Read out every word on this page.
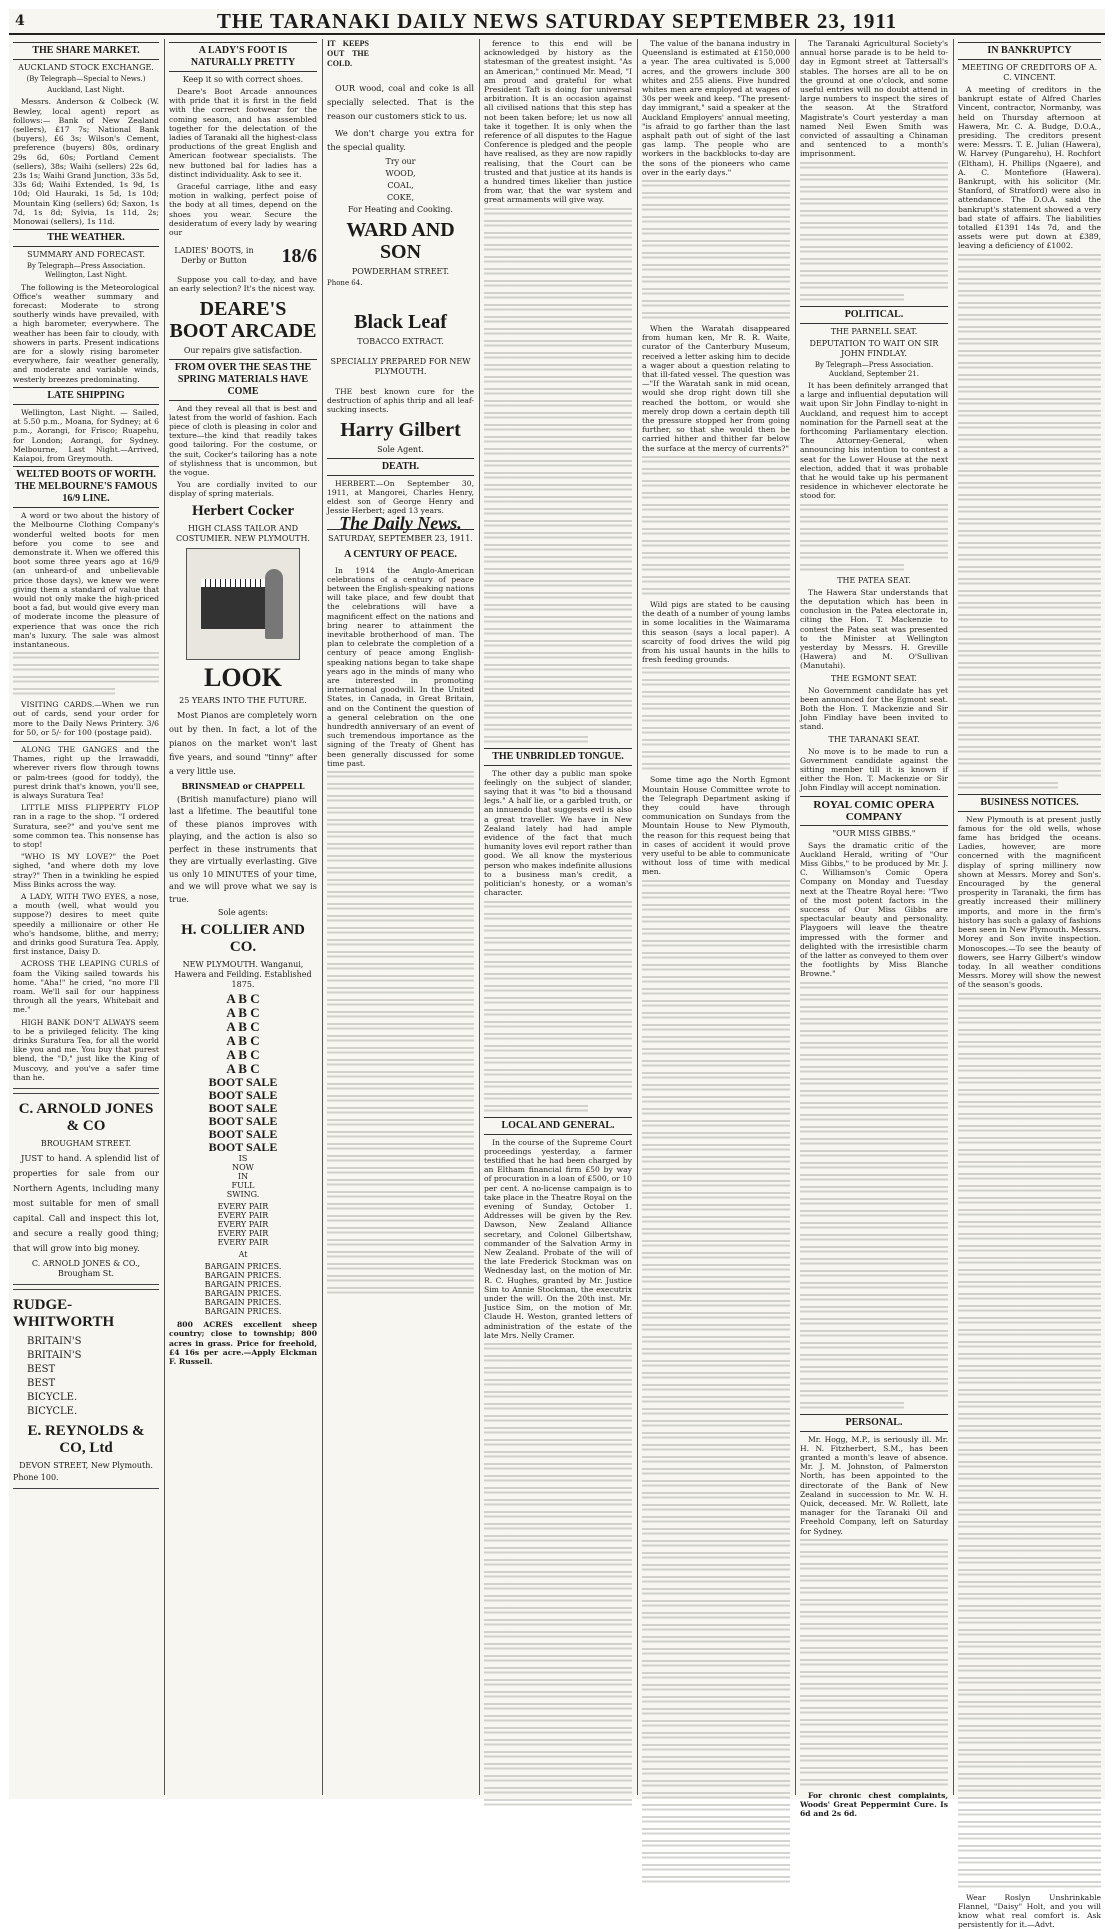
4	THE TARANAKI DAILY NEWS SATURDAY SEPTEMBER 23, 1911
THE SHARE MARKET.
AUCKLAND STOCK EXCHANGE.
(By Telegraph—Special to News.)
Auckland, Last Night.

Messrs. Anderson & Colbeck (W. Bewley, local agent) report as follows:— Bank of New Zealand (sellers), £17 7s; National Bank (buyers), £6 3s; Wilson's Cement, preference (buyers) 80s, ordinary 29s 6d, 60s; Portland Cement (sellers), 38s; Waihi (sellers) 22s 6d, 23s 1s; Waihi Grand Junction, 33s 5d, 33s 6d; Waihi Extended, 1s 9d, 1s 10d; Old Hauraki, 1s 5d, 1s 10d; Mountain King (sellers) 6d; Saxon, 1s 7d, 1s 8d; Sylvia, 1s 11d, 2s; Monowai (sellers), 1s 11d.

THE WEATHER.
SUMMARY AND FORECAST.
By Telegraph—Press Association. Wellington, Last Night.

The following is the Meteorological Office's weather summary and forecast: Moderate to strong southerly winds have prevailed, with a high barometer, everywhere. The weather has been fair to cloudy, with showers in parts. Present indications are for a slowly rising barometer everywhere, fair weather generally, and moderate and variable winds, westerly breezes predominating.

LATE SHIPPING

Wellington, Last Night. — Sailed, at 5.50 p.m., Moana, for Sydney; at 6 p.m., Aorangi, for Frisco; Ruapehu, for London; Aorangi, for Sydney. Melbourne, Last Night.—Arrived, Kaiapoi, from Greymouth.

WELTED BOOTS OF WORTH. THE MELBOURNE'S FAMOUS 16/9 LINE.

A word or two about the history of the Melbourne Clothing Company's wonderful welted boots for men before you come to see and demonstrate it. When we offered this boot some three years ago at 16/9 (an unheard-of and unbelievable price those days), we knew we were giving them a standard of value that would not only make the high-priced boot a fad, but would give every man of moderate income the pleasure of experience that was once the rich man's luxury. The sale was almost instantaneous.

VISITING CARDS.—When we run out of cards, send your order for more to the Daily News Printery. 3/6 for 50, or 5/- for 100 (postage paid).

ALONG THE GANGES and the Thames, right up the Irrawaddi, wherever rivers flow through towns or palm-trees (good for toddy), the purest drink that's known, you'll see, is always Suratura Tea!

LITTLE MISS FLIPPERTY FLOP ran in a rage to the shop. "I ordered Suratura, see?" and you've sent me some common tea. This nonsense has to stop!

"WHO IS MY LOVE?" the Poet sighed, "and where doth my love stray?" Then in a twinkling he espied Miss Binks across the way.

A LADY, WITH TWO EYES, a nose, a mouth (well, what would you suppose?) desires to meet quite speedily a millionaire or other He who's handsome, blithe, and merry; and drinks good Suratura Tea. Apply, first instance, Daisy D.

ACROSS THE LEAPING CURLS of foam the Viking sailed towards his home. "Aha!" he cried, "no more I'll roam. We'll sail for our happiness through all the years, Whitebait and me."

HIGH BANK DON'T ALWAYS seem to be a privileged felicity. The king drinks Suratura Tea, for all the world like you and me. You buy that purest blend, the "D," just like the King of Muscovy, and you've a safer time than he.

C. ARNOLD JONES & CO
BROUGHAM STREET.

JUST to hand. A splendid list of properties for sale from our Northern Agents, including many most suitable for men of small capital. Call and inspect this lot, and secure a really good thing; that will grow into big money.

C. ARNOLD JONES & CO., Brougham St.
RUDGE-WHITWORTH
BRITAIN'S
BRITAIN'S
BEST
BEST
BICYCLE.
BICYCLE.
E. REYNOLDS & CO, Ltd
DEVON STREET, New Plymouth.
Phone 100.
A LADY'S FOOT IS NATURALLY PRETTY
Keep it so with correct shoes.

Deare's Boot Arcade announces with pride that it is first in the field with the correct footwear for the coming season, and has assembled together for the delectation of the ladies of Taranaki all the highest-class productions of the great English and American footwear specialists. The new buttoned bal for ladies has a distinct individuality. Ask to see it.

Graceful carriage, lithe and easy motion in walking, perfect poise of the body at all times, depend on the shoes you wear. Secure the desideratum of every lady by wearing our

LADIES' BOOTS, in Derby or Button	18/6

Suppose you call to-day, and have an early selection? It's the nicest way.

DEARE'S BOOT ARCADE
Our repairs give satisfaction.
FROM OVER THE SEAS THE SPRING MATERIALS HAVE COME

And they reveal all that is best and latest from the world of fashion. Each piece of cloth is pleasing in color and texture—the kind that readily takes good tailoring. For the costume, or the suit, Cocker's tailoring has a note of stylishness that is uncommon, but the vogue.

You are cordially invited to our display of spring materials.

Herbert Cocker
HIGH CLASS TAILOR AND COSTUMIER. NEW PLYMOUTH.
LOOK
25 YEARS INTO THE FUTURE.

Most Pianos are completely worn out by then. In fact, a lot of the pianos on the market won't last five years, and sound "tinny" after a very little use.

BRINSMEAD or CHAPPELL

(British manufacture) piano will last a lifetime. The beautiful tone of these pianos improves with playing, and the action is also so perfect in these instruments that they are virtually everlasting. Give us only 10 MINUTES of your time, and we will prove what we say is true.

Sole agents:
H. COLLIER AND CO.
NEW PLYMOUTH. Wanganui, Hawera and Feilding. Established 1875.
A B C
A B C
A B C
A B C
A B C
A B C
BOOT SALE
BOOT SALE
BOOT SALE
BOOT SALE
BOOT SALE
BOOT SALE
IS
NOW
IN
FULL
SWING.
EVERY PAIR
EVERY PAIR
EVERY PAIR
EVERY PAIR
EVERY PAIR
At
BARGAIN PRICES.
BARGAIN PRICES.
BARGAIN PRICES.
BARGAIN PRICES.
BARGAIN PRICES.
BARGAIN PRICES.

800 ACRES excellent sheep country; close to township; 800 acres in grass. Price for freehold, £4 16s per acre.—Apply Elckman F. Russell.

IT KEEPS OUT THE COLD.

OUR wood, coal and coke is all specially selected. That is the reason our customers stick to us.

We don't charge you extra for the special quality.

Try our
WOOD,
COAL,
COKE,
For Heating and Cooking.
WARD AND SON
POWDERHAM STREET.
Phone 64.
Black Leaf
TOBACCO EXTRACT.
SPECIALLY PREPARED FOR NEW PLYMOUTH.

THE best known cure for the destruction of aphis thrip and all leaf-sucking insects.

Harry Gilbert
Sole Agent.
DEATH.

HERBERT.—On September 30, 1911, at Mangorei, Charles Henry, eldest son of George Henry and Jessie Herbert; aged 13 years.

The Daily News.
SATURDAY, SEPTEMBER 23, 1911.
A CENTURY OF PEACE.

In 1914 the Anglo-American celebrations of a century of peace between the English-speaking nations will take place, and few doubt that the celebrations will have a magnificent effect on the nations and bring nearer to attainment the inevitable brotherhood of man. The plan to celebrate the completion of a century of peace among English-speaking nations began to take shape years ago in the minds of many who are interested in promoting international goodwill. In the United States, in Canada, in Great Britain, and on the Continent the question of a general celebration on the one hundredth anniversary of an event of such tremendous importance as the signing of the Treaty of Ghent has been generally discussed for some time past.

ference to this end will be acknowledged by history as the statesman of the greatest insight. "As an American," continued Mr. Mead, "I am proud and grateful for what President Taft is doing for universal arbitration. It is an occasion against all civilised nations that this step has not been taken before; let us now all take it together. It is only when the reference of all disputes to the Hague Conference is pledged and the people have realised, as they are now rapidly realising, that the Court can be trusted and that justice at its hands is a hundred times likelier than justice from war, that the war system and great armaments will give way.

THE UNBRIDLED TONGUE.

The other day a public man spoke feelingly on the subject of slander, saying that it was "to bid a thousand legs." A half lie, or a garbled truth, or an innuendo that suggests evil is also a great traveller. We have in New Zealand lately had had ample evidence of the fact that much humanity loves evil report rather than good. We all know the mysterious person who makes indefinite allusions to a business man's credit, a politician's honesty, or a woman's character.

LOCAL AND GENERAL.

In the course of the Supreme Court proceedings yesterday, a farmer testified that he had been charged by an Eltham financial firm £50 by way of procuration in a loan of £500, or 10 per cent. A no-license campaign is to take place in the Theatre Royal on the evening of Sunday, October 1. Addresses will be given by the Rev. Dawson, New Zealand Alliance secretary, and Colonel Gilbertshaw, commander of the Salvation Army in New Zealand. Probate of the will of the late Frederick Stockman was on Wednesday last, on the motion of Mr. R. C. Hughes, granted by Mr. Justice Sim to Annie Stockman, the executrix under the will. On the 20th inst. Mr. Justice Sim, on the motion of Mr. Claude H. Weston, granted letters of administration of the estate of the late Mrs. Nelly Cramer.

The value of the banana industry in Queensland is estimated at £150,000 a year. The area cultivated is 5,000 acres, and the growers include 300 whites and 255 aliens. Five hundred whites men are employed at wages of 30s per week and keep. "The present-day immigrant," said a speaker at the Auckland Employers' annual meeting, "is afraid to go farther than the last asphalt path out of sight of the last gas lamp. The people who are workers in the backblocks to-day are the sons of the pioneers who came over in the early days."

When the Waratah disappeared from human ken, Mr R. R. Waite, curator of the Canterbury Museum, received a letter asking him to decide a wager about a question relating to that ill-fated vessel. The question was—"If the Waratah sank in mid ocean, would she drop right down till she reached the bottom, or would she merely drop down a certain depth till the pressure stopped her from going further, so that she would then be carried hither and thither far below the surface at the mercy of currents?"

Wild pigs are stated to be causing the death of a number of young lambs in some localities in the Waimarama this season (says a local paper). A scarcity of food drives the wild pig from his usual haunts in the hills to fresh feeding grounds.

Some time ago the North Egmont Mountain House Committee wrote to the Telegraph Department asking if they could have through communication on Sundays from the Mountain House to New Plymouth, the reason for this request being that in cases of accident it would prove very useful to be able to communicate without loss of time with medical men.

The Taranaki Agricultural Society's annual horse parade is to be held to-day in Egmont street at Tattersall's stables. The horses are all to be on the ground at one o'clock, and some useful entries will no doubt attend in large numbers to inspect the sires of the season. At the Stratford Magistrate's Court yesterday a man named Neil Ewen Smith was convicted of assaulting a Chinaman and sentenced to a month's imprisonment.

POLITICAL.
THE PARNELL SEAT.
DEPUTATION TO WAIT ON SIR JOHN FINDLAY.
By Telegraph—Press Association. Auckland, September 21.

It has been definitely arranged that a large and influential deputation will wait upon Sir John Findlay to-night in Auckland, and request him to accept nomination for the Parnell seat at the forthcoming Parliamentary election. The Attorney-General, when announcing his intention to contest a seat for the Lower House at the next election, added that it was probable that he would take up his permanent residence in whichever electorate he stood for.

THE PATEA SEAT.

The Hawera Star understands that the deputation which has been in conclusion in the Patea electorate in, citing the Hon. T. Mackenzie to contest the Patea seat was presented to the Minister at Wellington yesterday by Messrs. H. Greville (Hawera) and M. O'Sullivan (Manutahi).

THE EGMONT SEAT.

No Government candidate has yet been announced for the Egmont seat. Both the Hon. T. Mackenzie and Sir John Findlay have been invited to stand.

THE TARANAKI SEAT.

No move is to be made to run a Government candidate against the sitting member till it is known if either the Hon. T. Mackenzie or Sir John Findlay will accept nomination.

ROYAL COMIC OPERA COMPANY
"OUR MISS GIBBS."

Says the dramatic critic of the Auckland Herald, writing of "Our Miss Gibbs," to be produced by Mr. J. C. Williamson's Comic Opera Company on Monday and Tuesday next at the Theatre Royal here: "Two of the most potent factors in the success of Our Miss Gibbs are spectacular beauty and personality. Playgoers will leave the theatre impressed with the former and delighted with the irresistible charm of the latter as conveyed to them over the footlights by Miss Blanche Browne."

PERSONAL.

Mr. Hogg, M.P., is seriously ill. Mr. H. N. Fitzherbert, S.M., has been granted a month's leave of absence. Mr. J. M. Johnston, of Palmerston North, has been appointed to the directorate of the Bank of New Zealand in succession to Mr. W. H. Quick, deceased. Mr. W. Rollett, late manager for the Taranaki Oil and Freehold Company, left on Saturday for Sydney.

For chronic chest complaints, Woods' Great Peppermint Cure. Is 6d and 2s 6d.

IN BANKRUPTCY
MEETING OF CREDITORS OF A. C. VINCENT.

A meeting of creditors in the bankrupt estate of Alfred Charles Vincent, contractor, Normanby, was held on Thursday afternoon at Hawera, Mr. C. A. Budge, D.O.A., presiding. The creditors present were: Messrs. T. E. Julian (Hawera), W. Harvey (Pungarehu), H. Rochfort (Eltham), H. Phillips (Ngaere), and A. C. Montefiore (Hawera). Bankrupt, with his solicitor (Mr. Stanford, of Stratford) were also in attendance. The D.O.A. said the bankrupt's statement showed a very bad state of affairs. The liabilities totalled £1391 14s 7d, and the assets were put down at £389, leaving a deficiency of £1002.

BUSINESS NOTICES.

New Plymouth is at present justly famous for the old wells, whose fame has bridged the oceans. Ladies, however, are more concerned with the magnificent display of spring millinery now shown at Messrs. Morey and Son's. Encouraged by the general prosperity in Taranaki, the firm has greatly increased their millinery imports, and more in the firm's history has such a galaxy of fashions been seen in New Plymouth. Messrs. Morey and Son invite inspection. Monoscopes.—To see the beauty of flowers, see Harry Gilbert's window today. In all weather conditions Messrs. Morey will show the newest of the season's goods.

Wear Roslyn Unshrinkable Flannel, "Daisy" Holt, and you will know what real comfort is. Ask persistently for it.—Advt.
